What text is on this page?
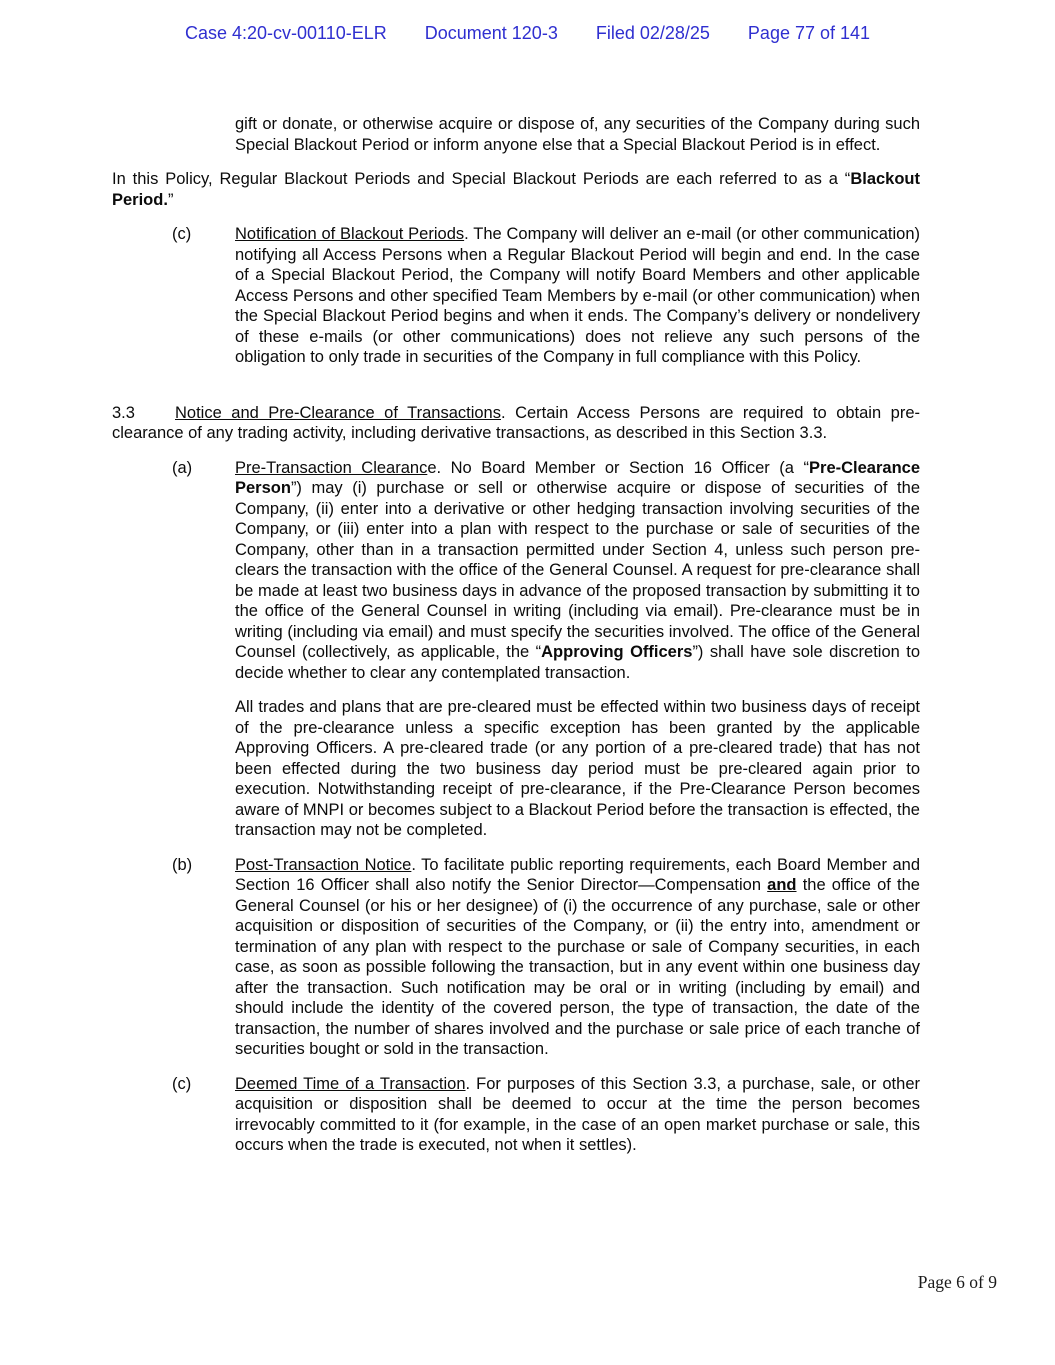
Case 4:20-cv-00110-ELR Document 120-3 Filed 02/28/25 Page 77 of 141
gift or donate, or otherwise acquire or dispose of, any securities of the Company during such Special Blackout Period or inform anyone else that a Special Blackout Period is in effect.
In this Policy, Regular Blackout Periods and Special Blackout Periods are each referred to as a “Blackout Period.”
(c)	Notification of Blackout Periods. The Company will deliver an e-mail (or other communication) notifying all Access Persons when a Regular Blackout Period will begin and end. In the case of a Special Blackout Period, the Company will notify Board Members and other applicable Access Persons and other specified Team Members by e-mail (or other communication) when the Special Blackout Period begins and when it ends. The Company’s delivery or nondelivery of these e-mails (or other communications) does not relieve any such persons of the obligation to only trade in securities of the Company in full compliance with this Policy.
3.3 Notice and Pre-Clearance of Transactions. Certain Access Persons are required to obtain pre-clearance of any trading activity, including derivative transactions, as described in this Section 3.3.
(a)	Pre-Transaction Clearance. No Board Member or Section 16 Officer (a “Pre-Clearance Person”) may (i) purchase or sell or otherwise acquire or dispose of securities of the Company, (ii) enter into a derivative or other hedging transaction involving securities of the Company, or (iii) enter into a plan with respect to the purchase or sale of securities of the Company, other than in a transaction permitted under Section 4, unless such person pre-clears the transaction with the office of the General Counsel. A request for pre-clearance shall be made at least two business days in advance of the proposed transaction by submitting it to the office of the General Counsel in writing (including via email). Pre-clearance must be in writing (including via email) and must specify the securities involved. The office of the General Counsel (collectively, as applicable, the “Approving Officers”) shall have sole discretion to decide whether to clear any contemplated transaction.
All trades and plans that are pre-cleared must be effected within two business days of receipt of the pre-clearance unless a specific exception has been granted by the applicable Approving Officers. A pre-cleared trade (or any portion of a pre-cleared trade) that has not been effected during the two business day period must be pre-cleared again prior to execution. Notwithstanding receipt of pre-clearance, if the Pre-Clearance Person becomes aware of MNPI or becomes subject to a Blackout Period before the transaction is effected, the transaction may not be completed.
(b)	Post-Transaction Notice. To facilitate public reporting requirements, each Board Member and Section 16 Officer shall also notify the Senior Director—Compensation and the office of the General Counsel (or his or her designee) of (i) the occurrence of any purchase, sale or other acquisition or disposition of securities of the Company, or (ii) the entry into, amendment or termination of any plan with respect to the purchase or sale of Company securities, in each case, as soon as possible following the transaction, but in any event within one business day after the transaction. Such notification may be oral or in writing (including by email) and should include the identity of the covered person, the type of transaction, the date of the transaction, the number of shares involved and the purchase or sale price of each tranche of securities bought or sold in the transaction.
(c)	Deemed Time of a Transaction. For purposes of this Section 3.3, a purchase, sale, or other acquisition or disposition shall be deemed to occur at the time the person becomes irrevocably committed to it (for example, in the case of an open market purchase or sale, this occurs when the trade is executed, not when it settles).
Page 6 of 9
